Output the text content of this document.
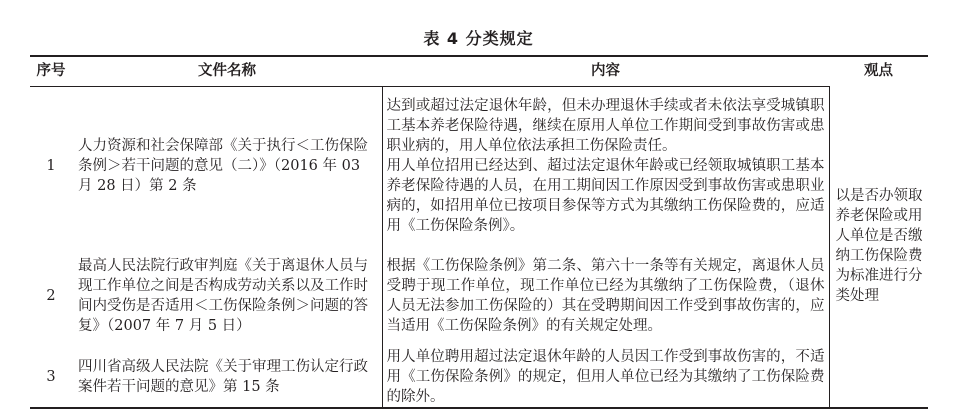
表 4 分类规定
序号	文件名称	内容	观点
1	人力资源和社会保障部《关于执行＜工伤保险条例＞若干问题的意见（二）》（2016 年 03 月 28 日）第 2 条	达到或超过法定退休年龄，但未办理退休手续或者未依法享受城镇职工基本养老保险待遇，继续在原用人单位工作期间受到事故伤害或患职业病的，用人单位依法承担工伤保险责任。
用人单位招用已经达到、超过法定退休年龄或已经领取城镇职工基本养老保险待遇的人员，在用工期间因工作原因受到事故伤害或患职业病的，如招用单位已按项目参保等方式为其缴纳工伤保险费的，应适用《工伤保险条例》。	以是否办领取养老保险或用人单位是否缴纳工伤保险费为标准进行分类处理
2	最高人民法院行政审判庭《关于离退休人员与现工作单位之间是否构成劳动关系以及工作时间内受伤是否适用＜工伤保险条例＞问题的答复》（2007 年 7 月 5 日）	根据《工伤保险条例》第二条、第六十一条等有关规定，离退休人员受聘于现工作单位，现工作单位已经为其缴纳了工伤保险费，（退休人员无法参加工伤保险的）其在受聘期间因工作受到事故伤害的，应当适用《工伤保险条例》的有关规定处理。	

3	四川省高级人民法院《关于审理工伤认定行政案件若干问题的意见》第 15 条	用人单位聘用超过法定退休年龄的人员因工作受到事故伤害的，不适用《工伤保险条例》的规定，但用人单位已经为其缴纳了工伤保险费的除外。	
